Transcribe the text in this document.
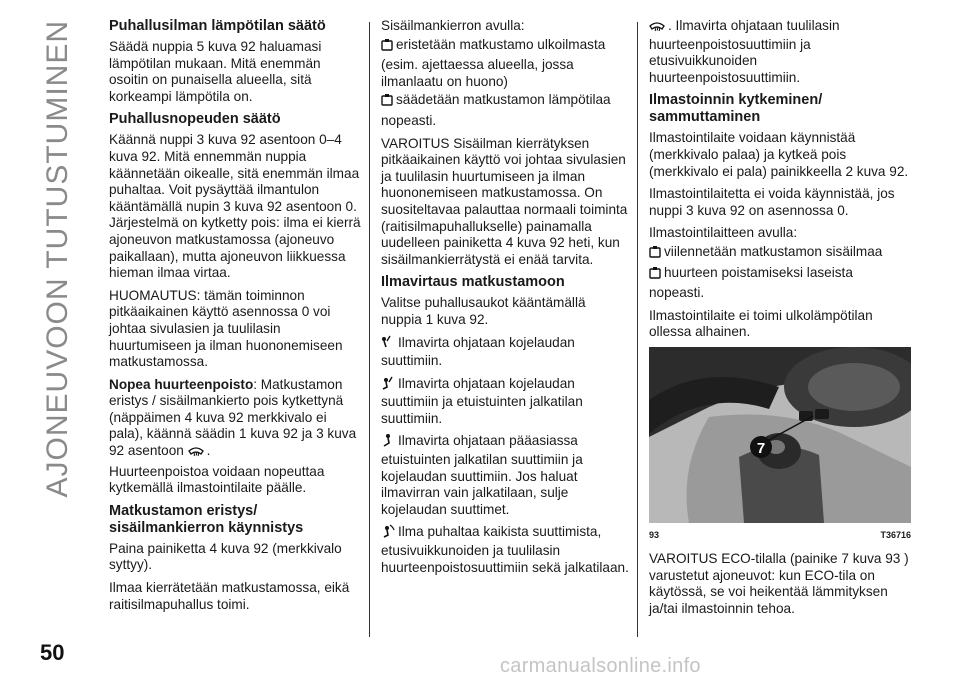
AJONEUVOON TUTUSTUMINEN Puhallusilman lämpötilan säätö

Säädä nuppia 5 kuva 92 haluamasi lämpötilan mukaan. Mitä enemmän osoitin on punaisella alueella, sitä korkeampi lämpötila on.

Puhallusnopeuden säätö

Käännä nuppi 3 kuva 92 asentoon 0–4 kuva 92. Mitä ennemmän nuppia käännetään oikealle, sitä enemmän ilmaa puhaltaa. Voit pysäyttää ilmantulon kääntämällä nupin 3 kuva 92 asentoon 0. Järjestelmä on kytketty pois: ilma ei kierrä ajoneuvon matkustamossa (ajoneuvo paikallaan), mutta ajoneuvon liikkuessa hieman ilmaa virtaa.

HUOMAUTUS: tämän toiminnon pitkäaikainen käyttö asennossa 0 voi johtaa sivulasien ja tuulilasin huurtumiseen ja ilman huononemiseen matkustamossa.

Nopea huurteenpoisto: Matkustamon eristys / sisäilmankierto pois kytkettynä (näppäimen 4 kuva 92 merkkivalo ei pala), käännä säädin 1 kuva 92 ja 3 kuva 92 asentoon .

Huurteenpoistoa voidaan nopeuttaa kytkemällä ilmastointilaite päälle.

Matkustamon eristys/ sisäilmankierron käynnistys

Paina painiketta 4 kuva 92 (merkkivalo syttyy).

Ilmaa kierrätetään matkustamossa, eikä raitisilmapuhallus toimi.

Sisäilmankierron avulla:

eristetään matkustamo ulkoilmasta

(esim. ajettaessa alueella, jossa ilmanlaatu on huono)

säädetään matkustamon lämpötilaa

nopeasti.

VAROITUS Sisäilman kierrätyksen pitkäaikainen käyttö voi johtaa sivulasien ja tuulilasin huurtumiseen ja ilman huononemiseen matkustamossa. On suositeltavaa palauttaa normaali toiminta (raitisilmapuhallukselle) painamalla uudelleen painiketta 4 kuva 92 heti, kun sisäilmankierrätystä ei enää tarvita.

Ilmavirtaus matkustamoon

Valitse puhallusaukot kääntämällä nuppia 1 kuva 92.

Ilmavirta ohjataan kojelaudan suuttimiin.

Ilmavirta ohjataan kojelaudan suuttimiin ja etuistuinten jalkatilan suuttimiin.

Ilmavirta ohjataan pääasiassa etuistuinten jalkatilan suuttimiin ja kojelaudan suuttimiin. Jos haluat ilmavirran vain jalkatilaan, sulje kojelaudan suuttimet.

Ilma puhaltaa kaikista suuttimista, etusivuikkunoiden ja tuulilasin huurteenpoistosuuttimiin sekä jalkatilaan.

. Ilmavirta ohjataan tuulilasin huurteenpoistosuuttimiin ja etusivuikkunoiden huurteenpoistosuuttimiin.

Ilmastoinnin kytkeminen/ sammuttaminen

Ilmastointilaite voidaan käynnistää (merkkivalo palaa) ja kytkeä pois (merkkivalo ei pala) painikkeella 2 kuva 92.

Ilmastointilaitetta ei voida käynnistää, jos nuppi 3 kuva 92 on asennossa 0.

Ilmastointilaitteen avulla:

viilennetään matkustamon sisäilmaa

huurteen poistamiseksi laseista

nopeasti.

Ilmastointilaite ei toimi ulkolämpötilan ollessa alhainen.

7
93	T36716

VAROITUS ECO-tilalla (painike 7 kuva 93 ) varustetut ajoneuvot: kun ECO-tila on käytössä, se voi heikentää lämmityksen ja/tai ilmastoinnin tehoa.

50
carmanualsonline.info
